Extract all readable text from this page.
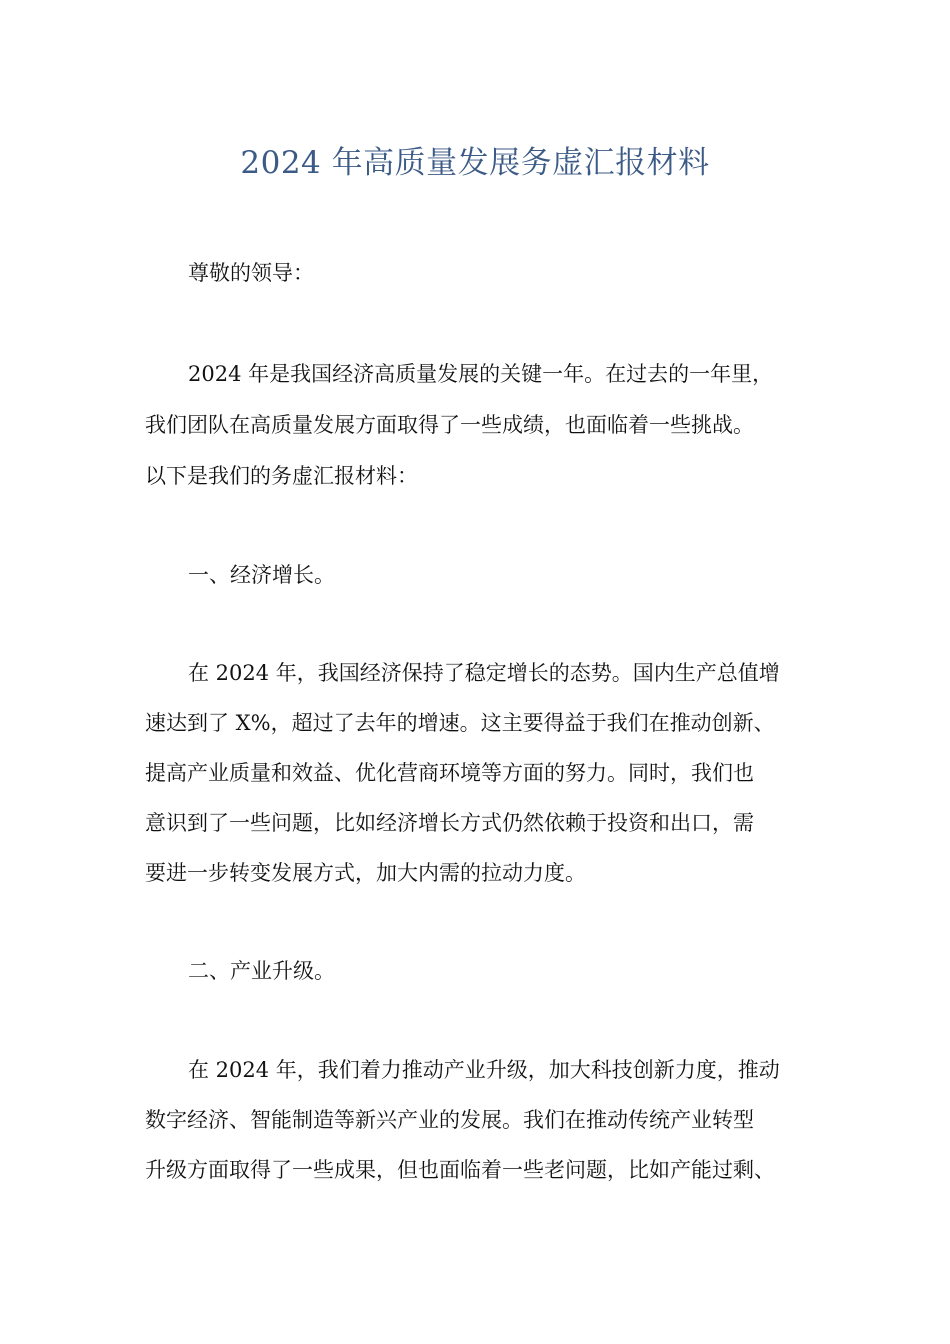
2024 年高质量发展务虚汇报材料
尊敬的领导：
2024 年是我国经济高质量发展的关键一年。在过去的一年里，
我们团队在高质量发展方面取得了一些成绩，也面临着一些挑战。
以下是我们的务虚汇报材料：
一、经济增长。
在 2024 年，我国经济保持了稳定增长的态势。国内生产总值增
速达到了 X%，超过了去年的增速。这主要得益于我们在推动创新、
提高产业质量和效益、优化营商环境等方面的努力。同时，我们也
意识到了一些问题，比如经济增长方式仍然依赖于投资和出口，需
要进一步转变发展方式，加大内需的拉动力度。
二、产业升级。
在 2024 年，我们着力推动产业升级，加大科技创新力度，推动
数字经济、智能制造等新兴产业的发展。我们在推动传统产业转型
升级方面取得了一些成果，但也面临着一些老问题，比如产能过剩、
